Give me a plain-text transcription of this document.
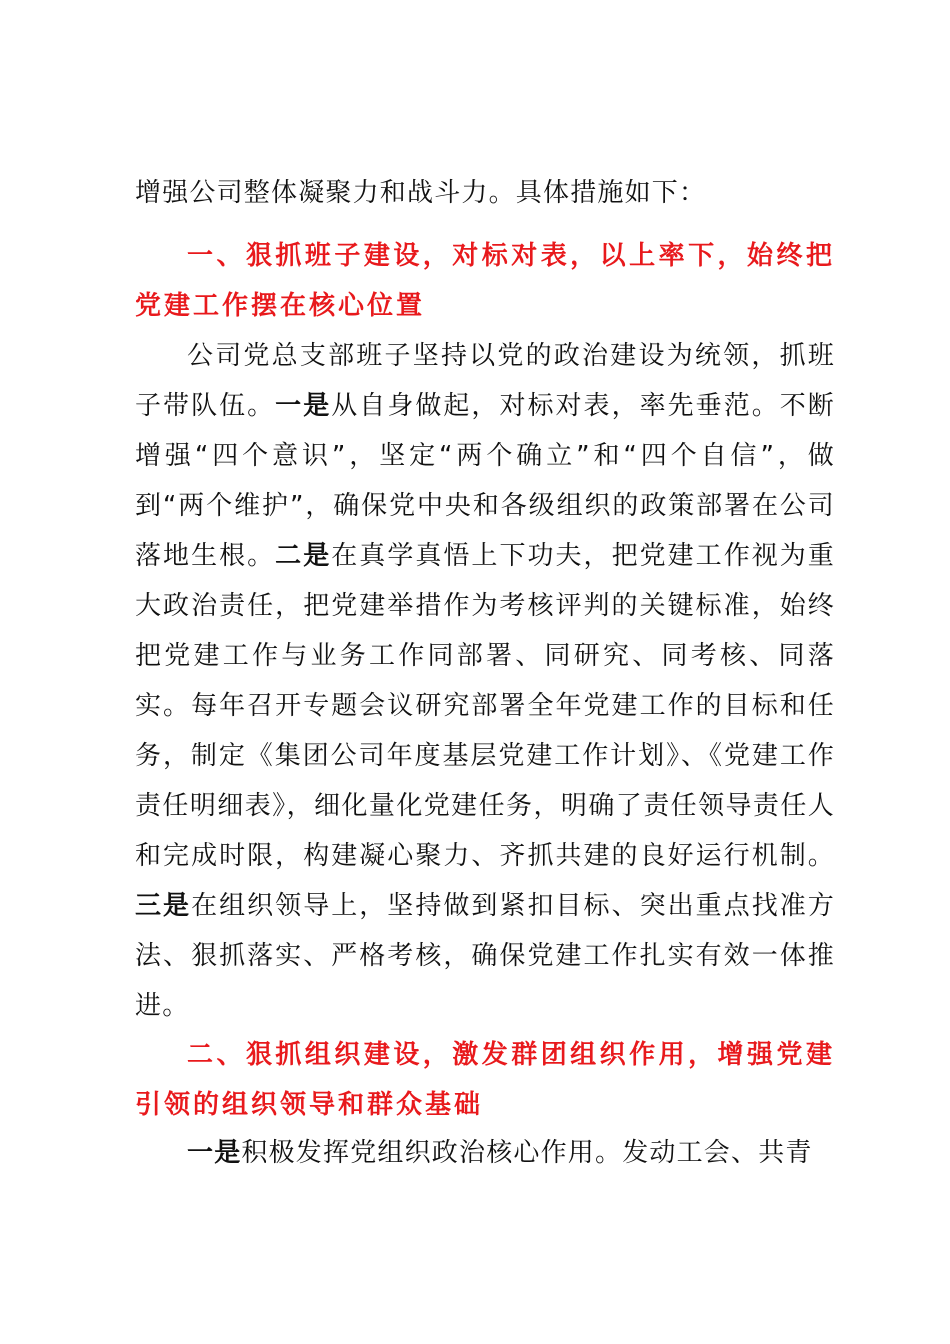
增强公司整体凝聚力和战斗力。具体措施如下：

一、狠抓班子建设，对标对表，以上率下，始终把党建工作摆在核心位置

公司党总支部班子坚持以党的政治建设为统领，抓班子带队伍。一是从自身做起，对标对表，率先垂范。不断增强“四个意识”，坚定“两个确立”和“四个自信”，做到“两个维护”，确保党中央和各级组织的政策部署在公司落地生根。二是在真学真悟上下功夫，把党建工作视为重大政治责任，把党建举措作为考核评判的关键标准，始终把党建工作与业务工作同部署、同研究、同考核、同落实。每年召开专题会议研究部署全年党建工作的目标和任务，制定《集团公司年度基层党建工作计划》、《党建工作责任明细表》，细化量化党建任务，明确了责任领导责任人和完成时限，构建凝心聚力、齐抓共建的良好运行机制。三是在组织领导上，坚持做到紧扣目标、突出重点找准方法、狠抓落实、严格考核，确保党建工作扎实有效一体推进。

二、狠抓组织建设，激发群团组织作用，增强党建引领的组织领导和群众基础

一是积极发挥党组织政治核心作用。发动工会、共青
